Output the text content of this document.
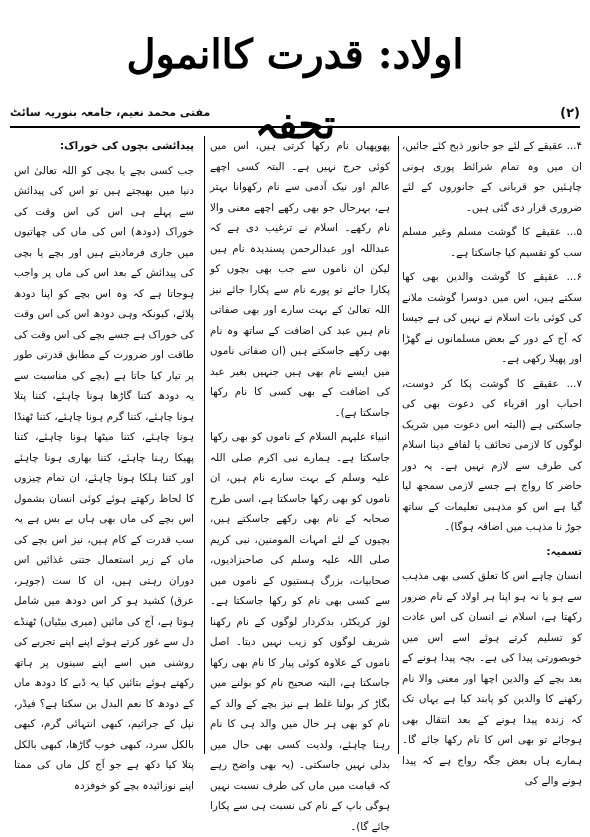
اولاد: قدرت کاانمول تحفہ
مفتی محمد نعیم، جامعہ بنوریہ سائٹ	(۲)

۴... عقیقے کے لئے جو جانور ذبح کئے جائیں، ان میں وہ تمام شرائط پوری ہونی چاہئیں جو قربانی کے جانوروں کے لئے ضروری قرار دی گئی ہیں۔

۵... عقیقے کا گوشت مسلم وغیر مسلم سب کو تقسیم کیا جاسکتا ہے۔

۶... عقیقے کا گوشت والدین بھی کھا سکتے ہیں، اس میں دوسرا گوشت ملانے کی کوئی بات اسلام نے نہیں کی ہے جیسا کہ آج کے دور کے بعض مسلمانوں نے گھڑا اور پھیلا رکھی ہے۔

۷... عقیقے کا گوشت پکا کر دوست، احباب اور اقرباء کی دعوت بھی کی جاسکتی ہے (البتہ اس دعوت میں شریک لوگوں کا لازمی تحائف یا لفافے دینا اسلام کی طرف سے لازم نہیں ہے۔ یہ دور حاضر کا رواج ہے جسے لازمی سمجھ لیا گیا ہے اس کو مذہبی تعلیمات کے ساتھ جوڑ نا مذہب میں اضافہ ہوگا)۔

تسمیہ:

انسان چاہے اس کا تعلق کسی بھی مذہب سے ہو یا نہ ہو اپنا ہر اولاد کے نام ضرور رکھتا ہے، اسلام نے انسان کی اس عادت کو تسلیم کرتے ہوئے اسے اس میں خوبصورتی پیدا کی ہے۔ بچہ پیدا ہونے کے بعد بچے کے والدین اچھا اور معنی والا نام رکھنے کا والدین کو پابند کیا ہے یہاں تک کہ زندہ پیدا ہونے کے بعد انتقال بھی ہوجائے تو بھی اس کا نام رکھا جائے گا۔ ہمارے ہاں بعض جگہ رواج ہے کہ پیدا ہونے والے کی

پھوپھیاں نام رکھا کرتی ہیں، اس میں کوئی حرج نہیں ہے۔ البتہ کسی اچھے عالم اور نیک آدمی سے نام رکھوانا بہتر ہے، بہرحال جو بھی رکھے اچھے معنی والا نام رکھے۔ اسلام نے ترغیب دی ہے کہ عبداللہ اور عبدالرحمن پسندیدہ نام ہیں لیکن ان ناموں سے جب بھی بچوں کو پکارا جائے تو پورے نام سے پکارا جائے نیز اللہ تعالیٰ کے بہت سارے اور بھی صفاتی نام ہیں عبد کی اضافت کے ساتھ وہ نام بھی رکھے جاسکتے ہیں (ان صفاتی ناموں میں ایسے نام بھی ہیں جنہیں بغیر عبد کی اضافت کے بھی کسی کا نام رکھا جاسکتا ہے)۔

انبیاء علیہم السلام کے ناموں کو بھی رکھا جاسکتا ہے۔ ہمارے نبی اکرم صلی اللہ علیہ وسلم کے بہت سارے نام ہیں، ان ناموں کو بھی رکھا جاسکتا ہے، اسی طرح صحابہ کے نام بھی رکھے جاسکتے ہیں، بچیوں کے لئے امہات المومنین، نبی کریم صلی اللہ علیہ وسلم کی صاحبزادیوں، صحابیات، بزرگ ہستیوں کے ناموں میں سے کسی بھی نام کو رکھا جاسکتا ہے۔ لوز کریکٹر، بدکردار لوگوں کے نام رکھنا شریف لوگوں کو زیب نہیں دیتا۔ اصل ناموں کے علاوہ کوئی پیار کا نام بھی رکھا جاسکتا ہے، البتہ صحیح نام کو بولنے میں بگاڑ کر بولنا غلط ہے نیز بچے کے والد کے نام کو بھی ہر حال میں والد ہی کا نام رہنا چاہئے، ولدیت کسی بھی حال میں بدلی نہیں جاسکتی۔ (یہ بھی واضح رہے کہ قیامت میں ماں کی طرف نسبت نہیں ہوگی باپ کے نام کی نسبت ہی سے پکارا جائے گا)۔

پیدائشی بچوں کی خوراک:

جب کسی بچے یا بچی کو اللہ تعالیٰ اس دنیا میں بھیجتے ہیں تو اس کی پیدائش سے پہلے ہی اس کی اس وقت کی خوراک (دودھ) اس کی ماں کی چھاتیوں میں جاری فرمادیتے ہیں اور بچے یا بچی کی پیدائش کے بعد اس کی ماں پر واجب ہوجاتا ہے کہ وہ اس بچے کو اپنا دودھ پلائے، کیونکہ وہی دودھ اس کی اس وقت کی خوراک ہے جسے بچے کی اس وقت کی طاقت اور ضرورت کے مطابق قدرتی طور پر تیار کیا جاتا ہے (بچے کی مناسبت سے یہ دودھ کتنا گاڑھا ہونا چاہئے، کتنا پتلا ہونا چاہئے، کتنا گرم ہونا چاہئے، کتنا ٹھنڈا ہونا چاہئے، کتنا میٹھا ہونا چاہئے، کتنا پھیکا رہنا چاہئے، کتنا بھاری ہونا چاہئے اور کتنا ہلکا ہونا چاہئے، ان تمام چیزوں کا لحاظ رکھتے ہوئے کوئی انسان بشمول اس بچے کی ماں بھی ہاں بے بس ہے یہ سب قدرت کے کام ہیں، نیز اس بچے کی ماں کے زیر استعمال جتنی غذائیں اس دوران رہتی ہیں، ان کا ست (جوہر، عرق) کشید ہو کر اس دودھ میں شامل ہوتا ہے، آج کی مائیں (میری بیٹیاں) ٹھنڈے دل سے غور کرتے ہوئے اپنے اپنے تجربے کی روشنی میں اسے اپنے سینوں پر ہاتھ رکھتے ہوئے بتائیں کیا یہ ڈبے کا دودھ ماں کے دودھ کا نعم البدل بن سکتا ہے؟ فیڈر، نپل کے جراثیم، کبھی انتہائی گرم، کبھی بالکل سرد، کبھی خوب گاڑھا، کبھی بالکل پتلا کیا دکھ ہے جو آج کل ماں کی ممتا اپنے نوزائیدہ بچے کو خوفزدہ
